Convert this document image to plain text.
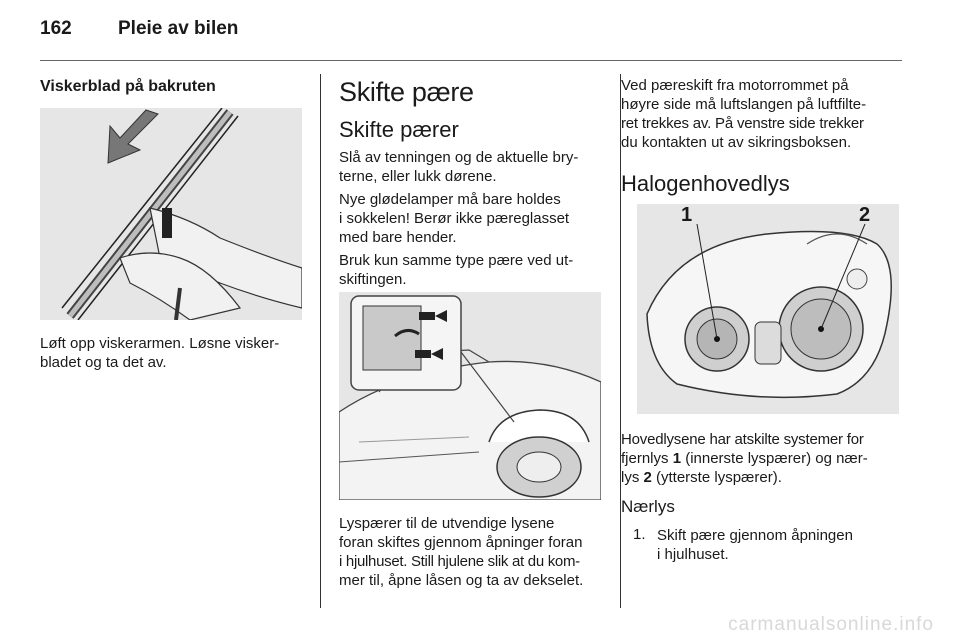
162 Pleie av bilen
Viskerblad på bakruten

Løft opp viskerarmen. Løsne visker-

bladet og ta det av.

Skifte pære
Skifte pærer

Slå av tenningen og de aktuelle bry-

terne, eller lukk dørene.

Nye glødelamper må bare holdes

i sokkelen! Berør ikke pæreglasset

med bare hender.

Bruk kun samme type pære ved ut-

skiftingen.

Lyspærer til de utvendige lysene

foran skiftes gjennom åpninger foran

i hjulhuset. Still hjulene slik at du kom-

mer til, åpne låsen og ta av dekselet.

Ved pæreskift fra motorrommet på

høyre side må luftslangen på luftfilte-

ret trekkes av. På venstre side trekker

du kontakten ut av sikringsboksen.

Halogenhovedlys
1	2

Hovedlysene har atskilte systemer for

fjernlys 1 (innerste lyspærer) og nær-

lys 2 (ytterste lyspærer).

Nærlys
1. Skift pære gjennom åpningen
i hjulhuset.
carmanualsonline.info
